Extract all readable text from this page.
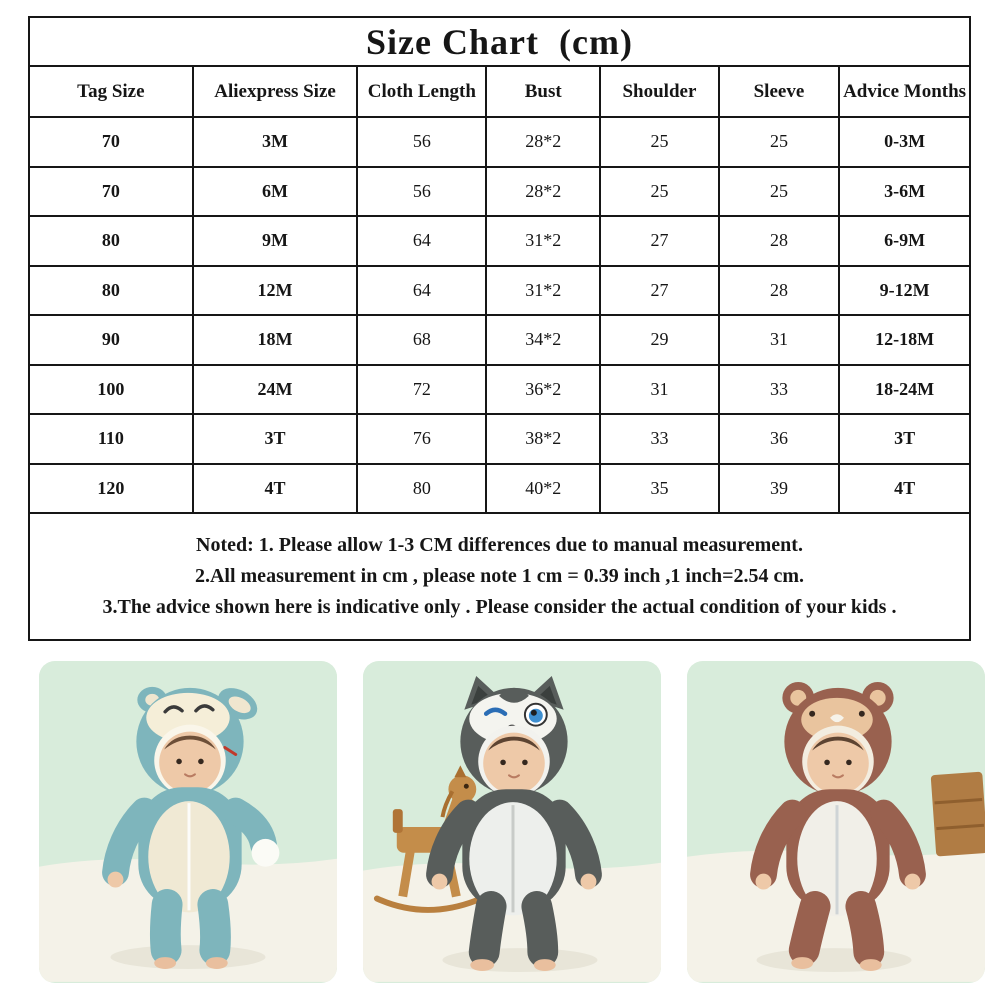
Size Chart  (cm)						
Tag Size	Aliexpress Size	Cloth Length	Bust	Shoulder	Sleeve	Advice Months
70	3M	56	28*2	25	25	0-3M
70	6M	56	28*2	25	25	3-6M
80	9M	64	31*2	27	28	6-9M
80	12M	64	31*2	27	28	9-12M
90	18M	68	34*2	29	31	12-18M
100	24M	72	36*2	31	33	18-24M
110	3T	76	38*2	33	36	3T
120	4T	80	40*2	35	39	4T

Noted: 1. Please allow 1-3 CM differences due to manual measurement.
2.All measurement in cm , please note 1 cm = 0.39 inch ,1 inch=2.54 cm.
3.The advice shown here is indicative only . Please consider the actual condition of your kids .						
